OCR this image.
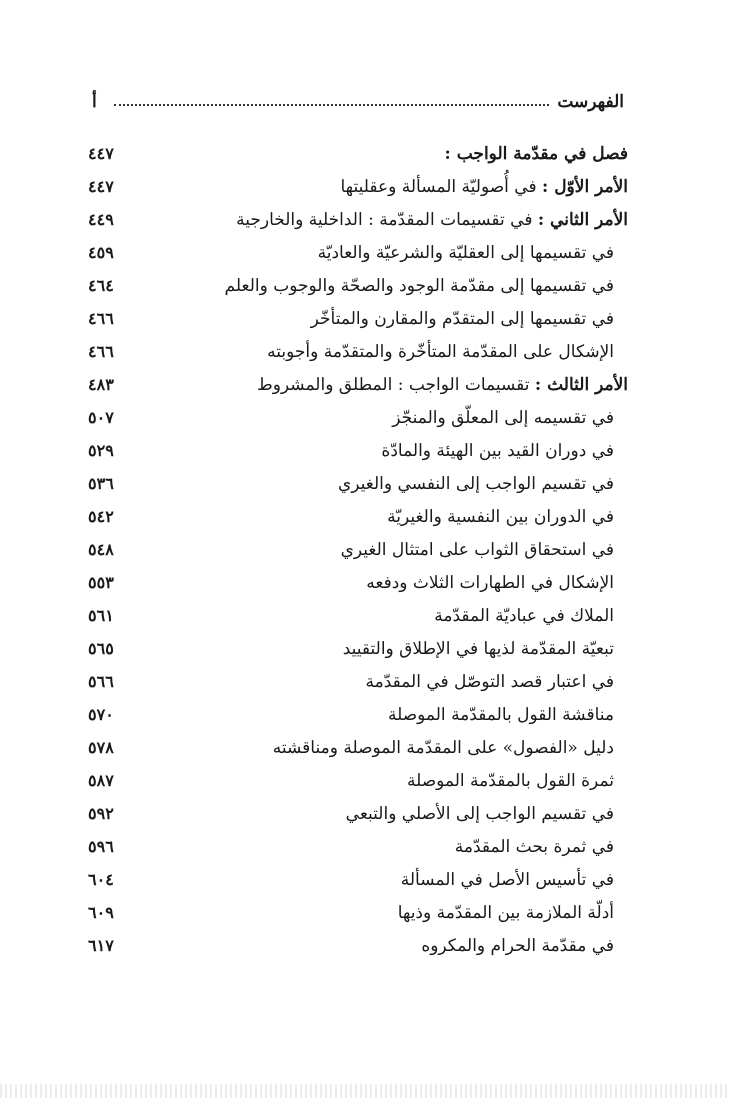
أ	الفهرست
فصل في مقدّمة الواجب :
٤٤٧
الأمر الأوّل : في أُصوليّة المسألة وعقليتها
٤٤٧
الأمر الثاني : في تقسيمات المقدّمة : الداخلية والخارجية
٤٤٩
في تقسيمها إلى العقليّة والشرعيّة والعاديّة
٤٥٩
في تقسيمها إلى مقدّمة الوجود والصحّة والوجوب والعلم
٤٦٤
في تقسيمها إلى المتقدّم والمقارن والمتأخّر
٤٦٦
الإشكال على المقدّمة المتأخّرة والمتقدّمة وأجوبته
٤٦٦
الأمر الثالث : تقسيمات الواجب : المطلق والمشروط
٤٨٣
في تقسيمه إلى المعلّق والمنجّز
٥٠٧
في دوران القيد بين الهيئة والمادّة
٥٢٩
في تقسيم الواجب إلى النفسي والغيري
٥٣٦
في الدوران بين النفسية والغيريّة
٥٤٢
في استحقاق الثواب على امتثال الغيري
٥٤٨
الإشكال في الطهارات الثلاث ودفعه
٥٥٣
الملاك في عباديّة المقدّمة
٥٦١
تبعيّة المقدّمة لذيها في الإطلاق والتقييد
٥٦٥
في اعتبار قصد التوصّل في المقدّمة
٥٦٦
مناقشة القول بالمقدّمة الموصلة
٥٧٠
دليل «الفصول» على المقدّمة الموصلة ومناقشته
٥٧٨
ثمرة القول بالمقدّمة الموصلة
٥٨٧
في تقسيم الواجب إلى الأصلي والتبعي
٥٩٢
في ثمرة بحث المقدّمة
٥٩٦
في تأسيس الأصل في المسألة
٦٠٤
أدلّة الملازمة بين المقدّمة وذيها
٦٠٩
في مقدّمة الحرام والمكروه
٦١٧
